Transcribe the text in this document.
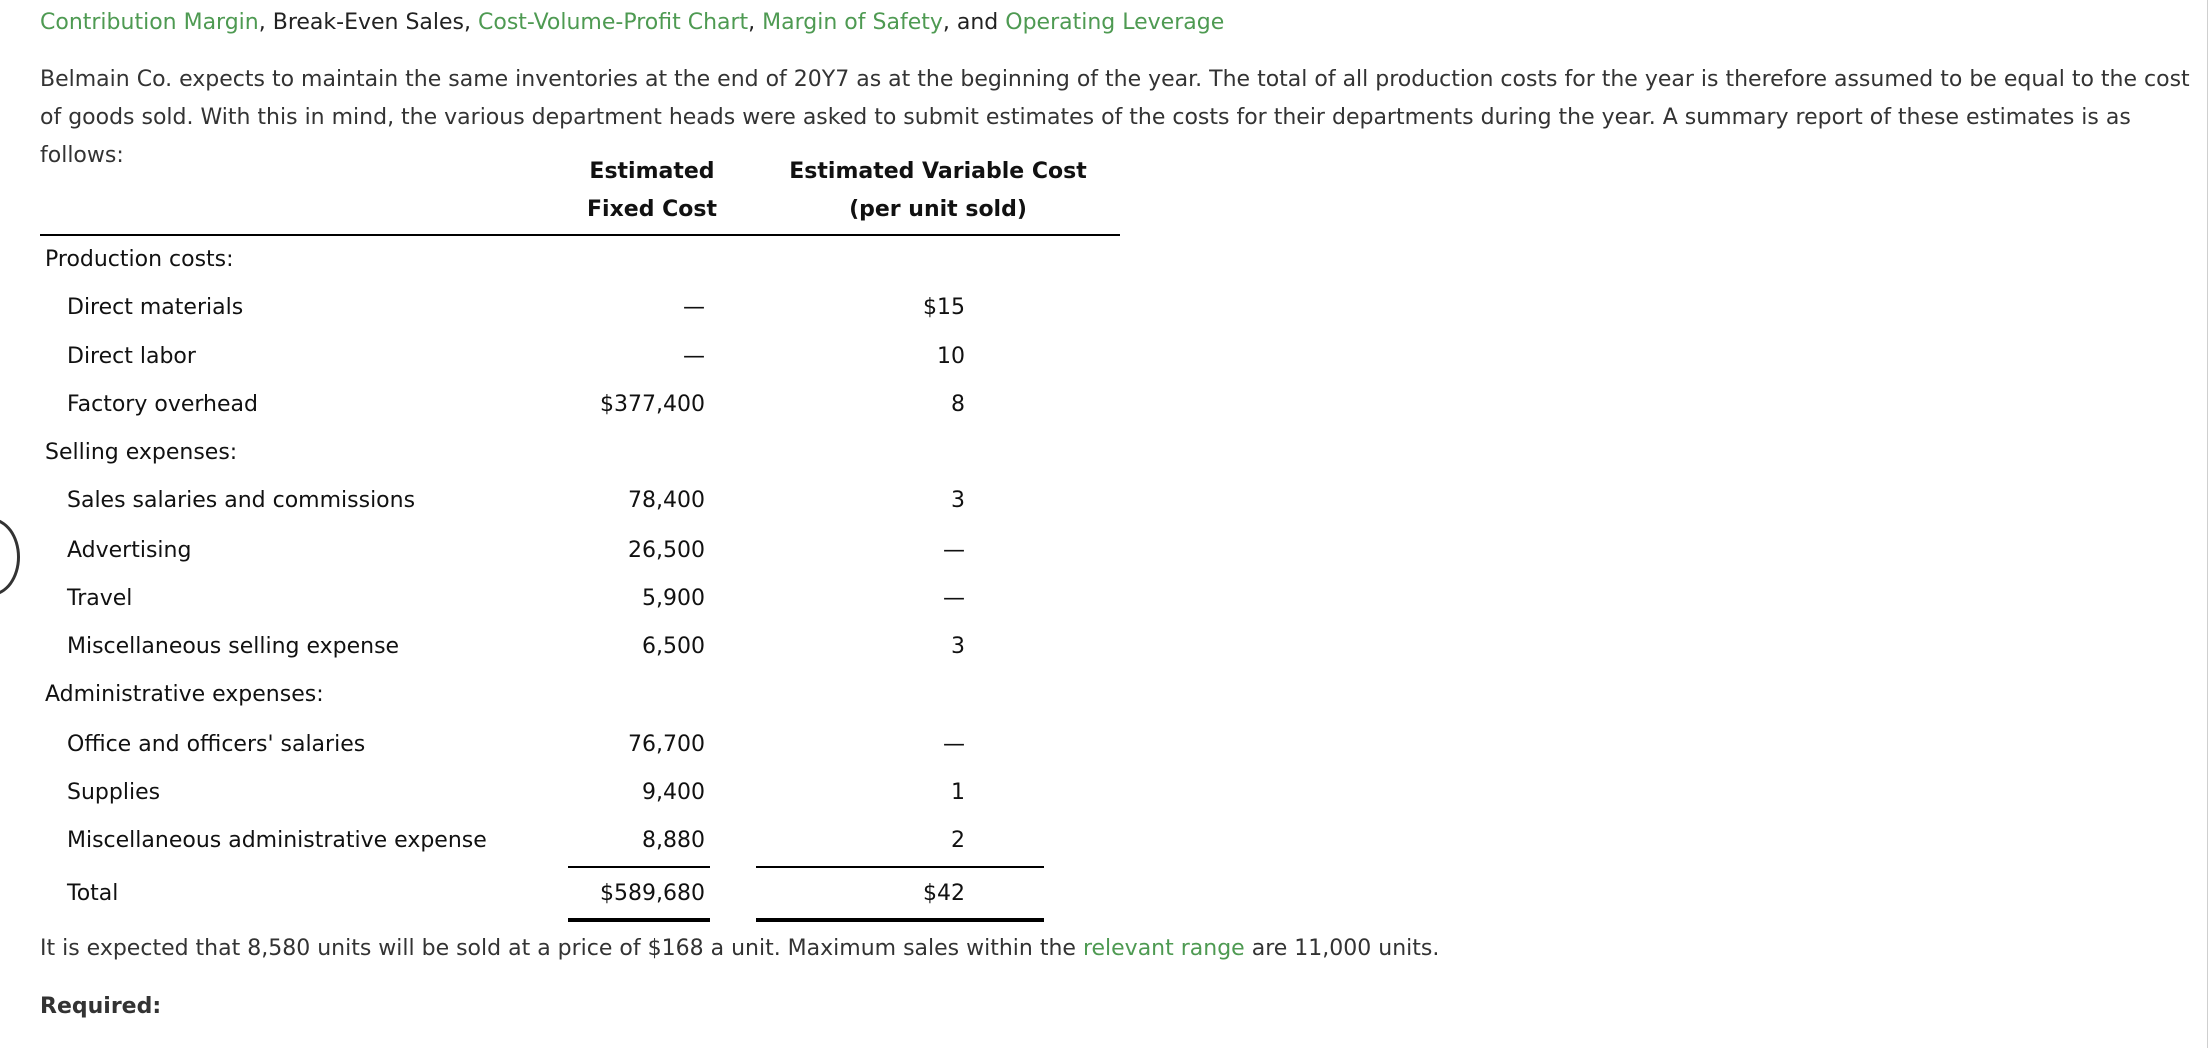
Contribution Margin, Break-Even Sales, Cost-Volume-Profit Chart, Margin of Safety, and Operating Leverage
Belmain Co. expects to maintain the same inventories at the end of 20Y7 as at the beginning of the year. The total of all production costs for the year is therefore assumed to be equal to the cost of goods sold. With this in mind, the various department heads were asked to submit estimates of the costs for their departments during the year. A summary report of these estimates is as follows:
Estimated
Fixed Cost
Estimated Variable Cost
(per unit sold)
Production costs:
Direct materials	—	$15
Direct labor	—	10
Factory overhead	$377,400	8
Selling expenses:
Sales salaries and commissions	78,400	3
Advertising	26,500	—
Travel	5,900	—
Miscellaneous selling expense	6,500	3
Administrative expenses:
Office and officers' salaries	76,700	—
Supplies	9,400	1
Miscellaneous administrative expense	8,880	2
Total	$589,680	$42
It is expected that 8,580 units will be sold at a price of $168 a unit. Maximum sales within the relevant range are 11,000 units.
Required:
